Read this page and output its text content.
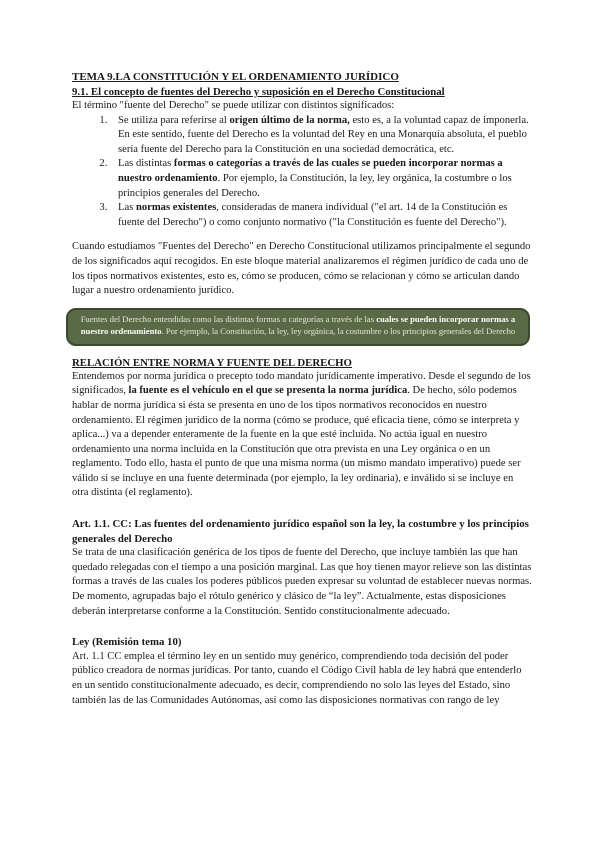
TEMA 9.LA CONSTITUCIÓN Y EL ORDENAMIENTO JURÍDICO

9.1. El concepto de fuentes del Derecho y suposición en el Derecho Constitucional

El término "fuente del Derecho" se puede utilizar con distintos significados:

1. Se utiliza para referirse al origen último de la norma, esto es, a la voluntad capaz de imponerla. En este sentido, fuente del Derecho es la voluntad del Rey en una Monarquía absoluta, el pueblo sería fuente del Derecho para la Constitución en una sociedad democrática, etc.
2. Las distintas formas o categorías a través de las cuales se pueden incorporar normas a nuestro ordenamiento. Por ejemplo, la Constitución, la ley, ley orgánica, la costumbre o los principios generales del Derecho.
3. Las normas existentes, consideradas de manera individual ("el art. 14 de la Constitución es fuente del Derecho") o como conjunto normativo ("la Constitución es fuente del Derecho").

Cuando estudiamos "Fuentes del Derecho" en Derecho Constitucional utilizamos principalmente el segundo de los significados aquí recogidos. En este bloque material analizaremos el régimen jurídico de cada uno de los tipos normativos existentes, esto es, cómo se producen, cómo se relacionan y cómo se articulan dando lugar a nuestro ordenamiento jurídico.

Fuentes del Derecho entendidas como las distintas formas o categorías a través de las cuales se pueden incorporar normas a nuestro ordenamiento. Por ejemplo, la Constitución, la ley, ley orgánica, la costumbre o los principios generales del Derecho

RELACIÓN ENTRE NORMA Y FUENTE DEL DERECHO

Entendemos por norma jurídica o precepto todo mandato jurídicamente imperativo. Desde el segundo de los significados, la fuente es el vehículo en el que se presenta la norma jurídica. De hecho, sólo podemos hablar de norma jurídica si ésta se presenta en uno de los tipos normativos reconocidos en nuestro ordenamiento. El régimen jurídico de la norma (cómo se produce, qué eficacia tiene, cómo se interpreta y aplica...) va a depender enteramente de la fuente en la que esté incluida. No actúa igual en nuestro ordenamiento una norma incluida en la Constitución que otra prevista en una Ley orgánica o en un reglamento. Todo ello, hasta el punto de que una misma norma (un mismo mandato imperativo) puede ser válido si se incluye en una fuente determinada (por ejemplo, la ley ordinaria), e inválido si se incluye en otra distinta (el reglamento).

Art. 1.1. CC: Las fuentes del ordenamiento jurídico español son la ley, la costumbre y los principios generales del Derecho

Se trata de una clasificación genérica de los tipos de fuente del Derecho, que incluye también las que han quedado relegadas con el tiempo a una posición marginal. Las que hoy tienen mayor relieve son las distintas formas a través de las cuales los poderes públicos pueden expresar su voluntad de establecer nuevas normas. De momento, agrupadas bajo el rótulo genérico y clásico de “la ley”. Actualmente, estas disposiciones deberán interpretarse conforme a la Constitución. Sentido constitucionalmente adecuado.

Ley (Remisión tema 10)

Art. 1.1 CC emplea el término ley en un sentido muy genérico, comprendiendo toda decisión del poder público creadora de normas jurídicas. Por tanto, cuando el Código Civil habla de ley habrá que entenderlo en un sentido constitucionalmente adecuado, es decir, comprendiendo no solo las leyes del Estado, sino también las de las Comunidades Autónomas, así como las disposiciones normativas con rango de ley
